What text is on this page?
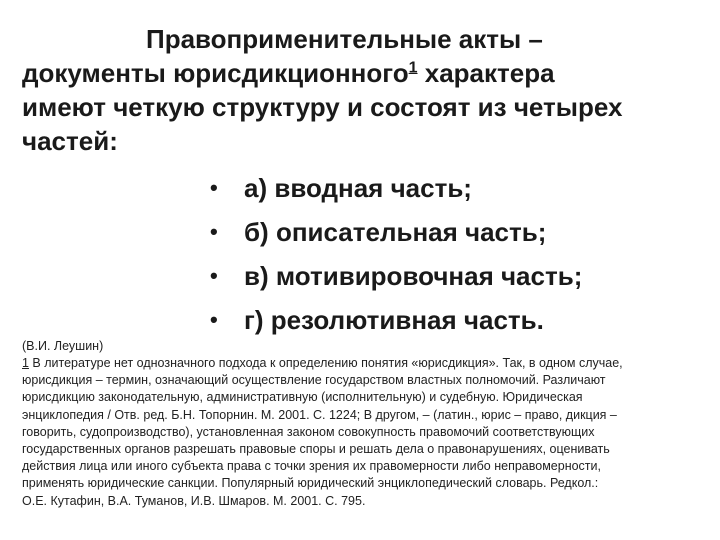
Правоприменительные акты –
документы юрисдикционного$^1$ характера
имеют четкую структуру и состоят из четырех
частей:
•	а) вводная часть;
•	б) описательная часть;
•	в) мотивировочная часть;
•	г) резолютивная часть.
(В.И. Леушин)

1 В литературе нет однозначного подхода к определению понятия «юрисдикция». Так, в одном случае,

юрисдикция – термин, означающий осуществление государством властных полномочий. Различают

юрисдикцию законодательную, административную (исполнительную) и судебную. Юридическая

энциклопедия / Отв. ред. Б.Н. Топорнин. М. 2001. С. 1224; В другом, – (латин., юрис – право, дикция –

говорить, судопроизводство), установленная законом совокупность правомочий соответствующих

государственных органов разрешать правовые споры и решать дела о правонарушениях, оценивать

действия лица или иного субъекта права с точки зрения их правомерности либо неправомерности,

применять юридические санкции. Популярный юридический энциклопедический словарь. Редкол.:

О.Е. Кутафин, В.А. Туманов, И.В. Шмаров. М. 2001. С. 795.
